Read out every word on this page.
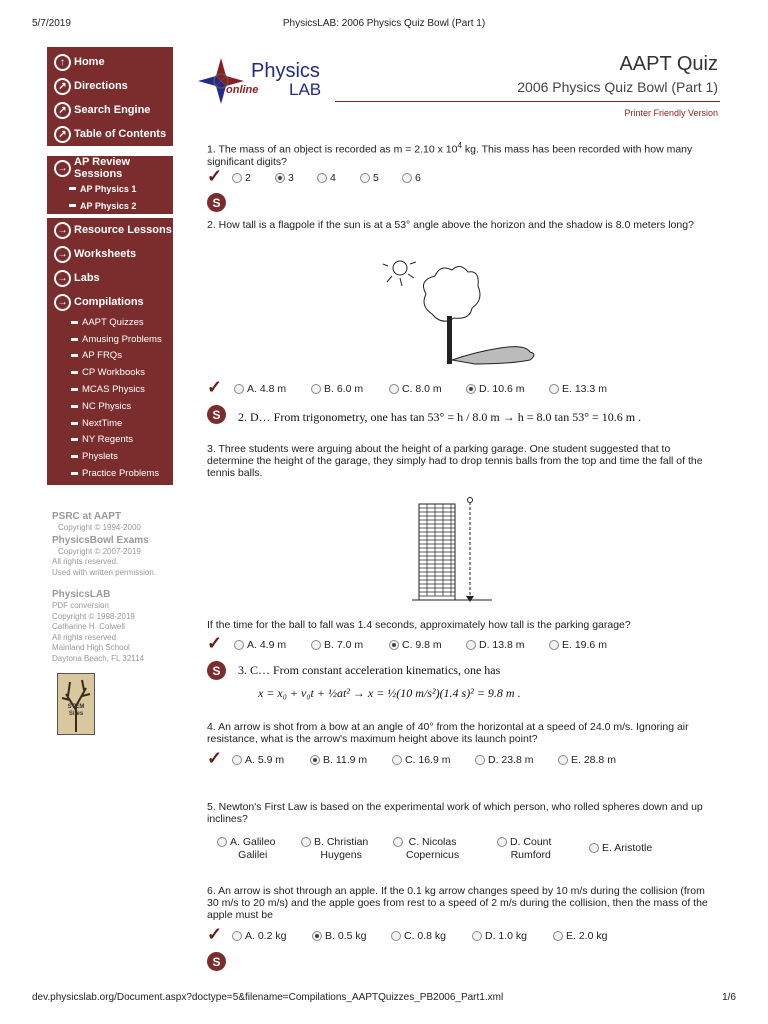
5/7/2019	PhysicsLAB: 2006 Physics Quiz Bowl (Part 1)
dev.physicslab.org/Document.aspx?doctype=5&filename=Compilations_AAPTQuizzes_PB2006_Part1.xml	1/6
↑ Home
↗ Directions
↗ Search Engine
↗ Table of Contents
→ AP Review Sessions
AP Physics 1
AP Physics 2
→ Resource Lessons
→ Worksheets
→ Labs
→ Compilations
AAPT Quizzes
Amusing Problems
AP FRQs
CP Workbooks
MCAS Physics
NC Physics
NextTime
NY Regents
Physlets
Practice Problems
PSRC at AAPT
Copyright © 1994-2000
PhysicsBowl Exams
Copyright © 2007-2019
All rights reserved.
Used with written permission.
PhysicsLAB
PDF conversion
Copyright © 1998-2019
Catharine H. Colwell
All rights reserved
Mainland High School
Daytona Beach, FL 32114
STEM Sites
Physics
online LAB
AAPT Quiz
2006 Physics Quiz Bowl (Part 1)
Printer Friendly Version
1. The mass of an object is recorded as m = 2.10 x $10^4$ kg. This mass has been recorded with how many significant digits?
✓ 2	3	4	5	6
S
2. How tall is a flagpole if the sun is at a 53° angle above the horizon and the shadow is 8.0 meters long?
✓ A. 4.8 m	B. 6.0 m	C. 8.0 m	D. 10.6 m	E. 13.3 m
S	2. D… From trigonometry, one has tan 53° = h / 8.0 m → h = 8.0 tan 53° = 10.6 m .
3. Three students were arguing about the height of a parking garage. One student suggested that to determine the height of the garage, they simply had to drop tennis balls from the top and time the fall of the tennis balls.
If the time for the ball to fall was 1.4 seconds, approximately how tall is the parking garage?
✓ A. 4.9 m	B. 7.0 m	C. 9.8 m	D. 13.8 m	E. 19.6 m
S	3. C… From constant acceleration kinematics, one has
x = x₀ + v₀t + ½at² → x = ½(10 m/s²)(1.4 s)² = 9.8 m .
4. An arrow is shot from a bow at an angle of 40° from the horizontal at a speed of 24.0 m/s. Ignoring air resistance, what is the arrow's maximum height above its launch point?
✓ A. 5.9 m	B. 11.9 m	C. 16.9 m	D. 23.8 m	E. 28.8 m
5. Newton's First Law is based on the experimental work of which person, who rolled spheres down and up inclines?
A. Galileo
Galilei
B. Christian
Huygens
C. Nicolas
Copernicus
D. Count
Rumford
E. Aristotle
6. An arrow is shot through an apple. If the 0.1 kg arrow changes speed by 10 m/s during the collision (from 30 m/s to 20 m/s) and the apple goes from rest to a speed of 2 m/s during the collision, then the mass of the apple must be
✓ A. 0.2 kg	B. 0.5 kg	C. 0.8 kg	D. 1.0 kg	E. 2.0 kg
S
